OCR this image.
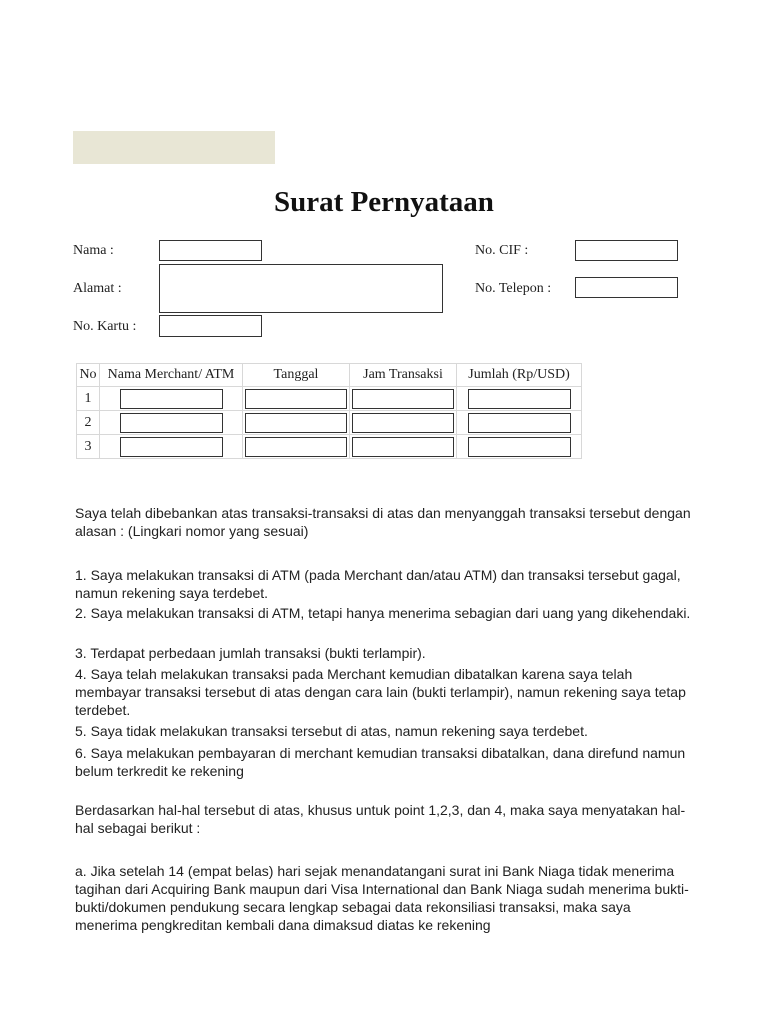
Surat Pernyataan
Nama :
Alamat :
No. Kartu :
No. CIF :
No. Telepon :
No	Nama Merchant/ ATM	Tanggal	Jam Transaksi	Jumlah (Rp/USD)
1				
2				
3				
Saya telah dibebankan atas transaksi-transaksi di atas dan menyanggah transaksi tersebut dengan alasan : (Lingkari nomor yang sesuai)
1. Saya melakukan transaksi di ATM (pada Merchant dan/atau ATM) dan transaksi tersebut gagal, namun rekening saya terdebet.
2. Saya melakukan transaksi di ATM, tetapi hanya menerima sebagian dari uang yang dikehendaki.
3. Terdapat perbedaan jumlah transaksi (bukti terlampir).
4. Saya telah melakukan transaksi pada Merchant kemudian dibatalkan karena saya telah membayar transaksi tersebut di atas dengan cara lain (bukti terlampir), namun rekening saya tetap terdebet.
5. Saya tidak melakukan transaksi tersebut di atas, namun rekening saya terdebet.
6. Saya melakukan pembayaran di merchant kemudian transaksi dibatalkan, dana direfund namun belum terkredit ke rekening
Berdasarkan hal-hal tersebut di atas, khusus untuk point 1,2,3, dan 4, maka saya menyatakan hal-hal sebagai berikut :
a. Jika setelah 14 (empat belas) hari sejak menandatangani surat ini Bank Niaga tidak menerima tagihan dari Acquiring Bank maupun dari Visa International dan Bank Niaga sudah menerima bukti-bukti/dokumen pendukung secara lengkap sebagai data rekonsiliasi transaksi, maka saya menerima pengkreditan kembali dana dimaksud diatas ke rekening
